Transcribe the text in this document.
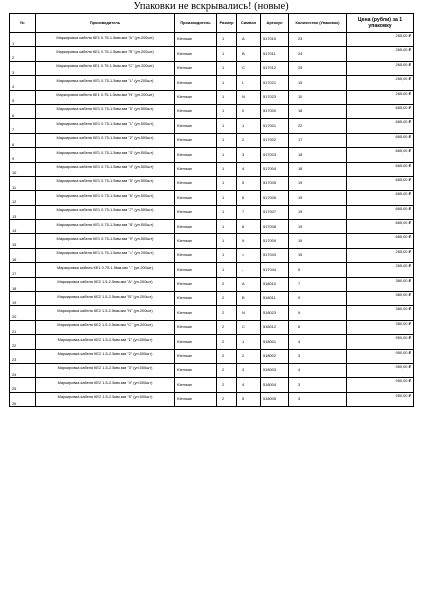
Упаковки не вскрывались! (новые)
№	Производитель	Производитель	Размер	Символ	Артикул	Количество (Упаковок)	Цена (рубли) за 1 упаковку
1	Маркировка кабеля КЕ1 0.75-1.5мм.мм "А" (уп.200шт)	Klemsan	1	A	517010	23	265,00 ₽
2	Маркировка кабеля КЕ1 0.75-1.5мм.мм "В" (уп.200шт)	Klemsan	1	B	517011	24	265,00 ₽
3	Маркировка кабеля КЕ1 0.75-1.5мм.мм "С" (уп.200шт)	Klemsan	1	C	517012	25	265,00 ₽
4	Маркировка кабеля КЕ1 0.75-1.5мм.мм "L" (уп.200шт)	Klemsan	1	L	517021	15	265,00 ₽
5	Маркировка кабеля КЕ1 0.75-1.5мм.мм "N" (уп.200шт)	Klemsan	1	N	517023	10	265,00 ₽
6	Маркировка кабеля КЕ1 0.75-1.5мм.мм "0" (уп.500шт)	Klemsan	1	0	517000	18	665,00 ₽
7	Маркировка кабеля КЕ1 0.75-1.5мм.мм "1" (уп.500шт)	Klemsan	1	1	517001	22	665,00 ₽
8	Маркировка кабеля КЕ1 0.75-1.5мм.мм "2" (уп.500шт)	Klemsan	1	2	517002	17	665,00 ₽
9	Маркировка кабеля КЕ1 0.75-1.5мм.мм "3" (уп.500шт)	Klemsan	1	3	517003	18	665,00 ₽
10	Маркировка кабеля КЕ1 0.75-1.5мм.мм "4" (уп.500шт)	Klemsan	1	4	517004	18	665,00 ₽
11	Маркировка кабеля КЕ1 0.75-1.5мм.мм "5" (уп.500шт)	Klemsan	1	5	517005	19	665,00 ₽
12	Маркировка кабеля КЕ1 0.75-1.5мм.мм "6" (уп.500шт)	Klemsan	1	6	517006	19	665,00 ₽
13	Маркировка кабеля КЕ1 0.75-1.5мм.мм "7" (уп.500шт)	Klemsan	1	7	517007	19	665,00 ₽
14	Маркировка кабеля КЕ1 0.75-1.5мм.мм "8" (уп.500шт)	Klemsan	1	8	517008	19	665,00 ₽
15	Маркировка кабеля КЕ1 0.75-1.5мм.мм "9" (уп.500шт)	Klemsan	1	9	517009	19	665,00 ₽
16	Маркировка кабеля КЕ1 0.75-1.5мм.мм "=" (уп.200шт)	Klemsan	1	=	517043	15	265,00 ₽
17	Маркировка кабеля КЕ1 0.75-1.5мм.мм "-" (уп.200шт)	Klemsan	1	-	517044	5	265,00 ₽
18	Маркировка кабеля КЕ2 1.5-2.5мм.мм "А" (уп.200шт)	Klemsan	2	A	518010	7	380,00 ₽
19	Маркировка кабеля КЕ2 1.5-2.5мм.мм "В" (уп.200шт)	Klemsan	2	B	518011	9	380,00 ₽
20	Маркировка кабеля КЕ2 1.5-2.5мм.мм "N" (уп.200шт)	Klemsan	2	N	518023	9	380,00 ₽
21	Маркировка кабеля КЕ2 1.5-2.5мм.мм "С" (уп.200шт)	Klemsan	2	C	518012	8	380,00 ₽
22	Маркировка кабеля КЕ2 1.5-2.5мм.мм "1" (уп.500шт)	Klemsan	2	1	518001	4	950,00 ₽
23	Маркировка кабеля КЕ2 1.5-2.5мм.мм "2" (уп.500шт)	Klemsan	2	2	518002	3	950,00 ₽
24	Маркировка кабеля КЕ2 1.5-2.5мм.мм "3" (уп.500шт)	Klemsan	2	3	518003	4	950,00 ₽
25	Маркировка кабеля КЕ2 1.5-2.5мм.мм "4" (уп.500шт)	Klemsan	2	4	518004	3	950,00 ₽
26	Маркировка кабеля КЕ2 1.5-2.5мм.мм "5" (уп.500шт)	Klemsan	2	5	518005	3	950,00 ₽
